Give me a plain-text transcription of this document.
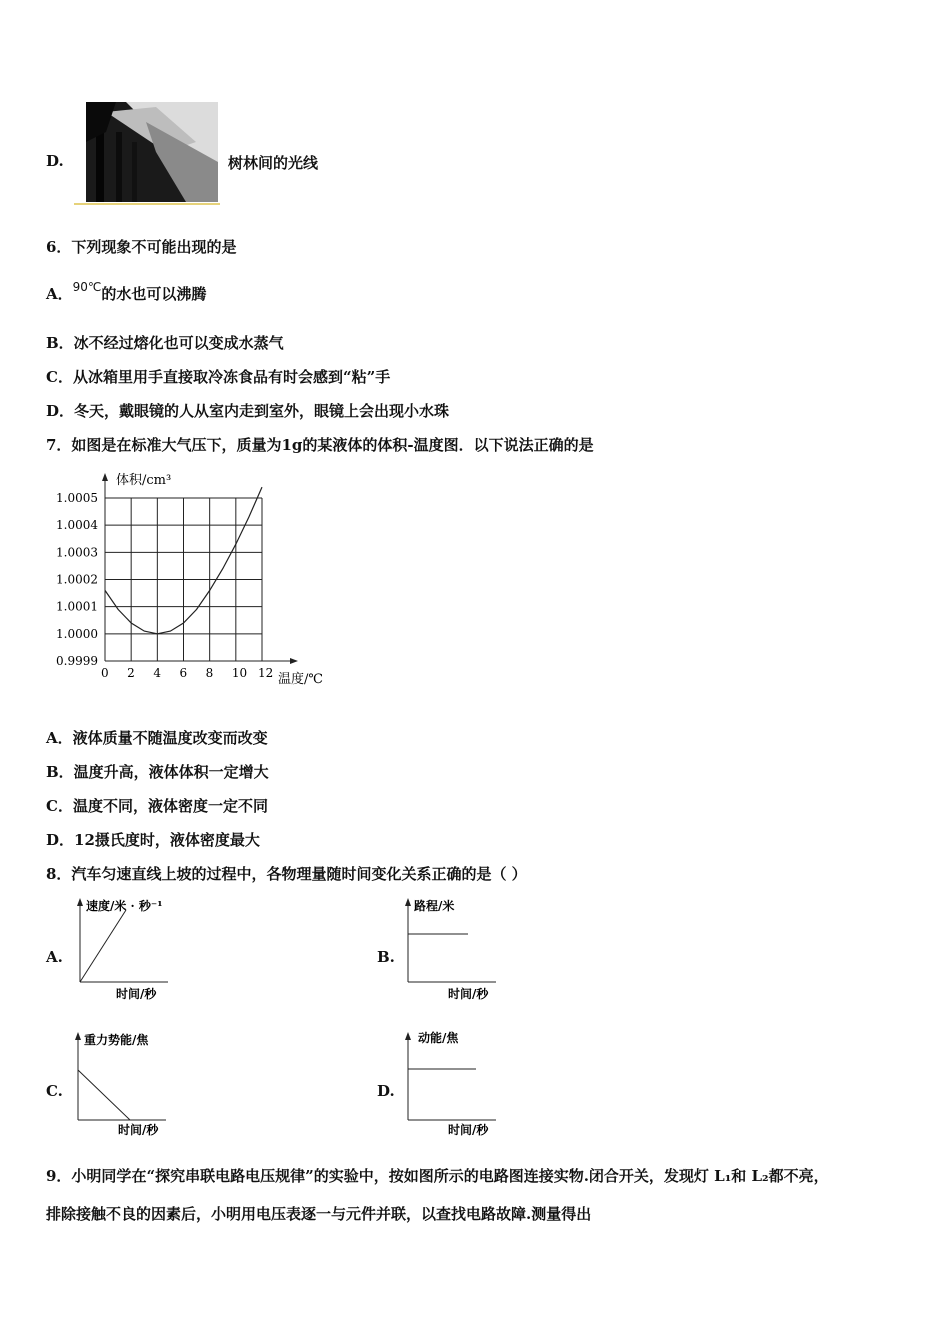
D.	树林间的光线
6．下列现象不可能出现的是
A．$^{90℃}$的水也可以沸腾
B．冰不经过熔化也可以变成水蒸气
C．从冰箱里用手直接取冷冻食品有时会感到“粘”手
D．冬天，戴眼镜的人从室内走到室外，眼镜上会出现小水珠
7．如图是在标准大气压下，质量为1g的某液体的体积-温度图．以下说法正确的是
0 2 4 6 8 10 12
0.9999
1.0000
1.0001
1.0002
1.0003
1.0004
1.0005
体积/cm³
温度/℃
A．液体质量不随温度改变而改变
B．温度升高，液体体积一定增大
C．温度不同，液体密度一定不同
D．12摄氏度时，液体密度最大
8．汽车匀速直线上坡的过程中，各物理量随时间变化关系正确的是（ ）
A.
速度/米 · 秒⁻¹
时间/秒
B.
路程/米
时间/秒
C.
重力势能/焦
时间/秒
D.
动能/焦
时间/秒
9．小明同学在“探究串联电路电压规律”的实验中，按如图所示的电路图连接实物.闭合开关，发现灯 L₁和 L₂都不亮，
排除接触不良的因素后，小明用电压表逐一与元件并联，以查找电路故障.测量得出
